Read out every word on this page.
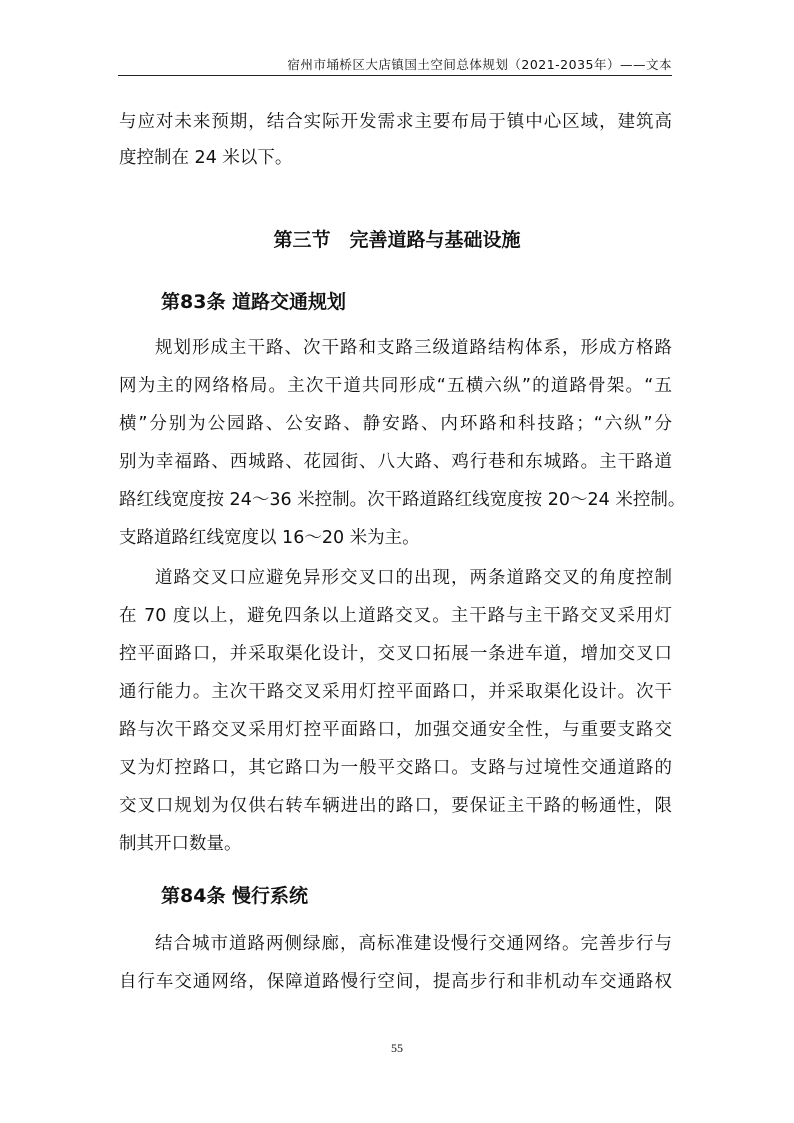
宿州市埇桥区大店镇国土空间总体规划（2021-2035年）——文本
与应对未来预期，结合实际开发需求主要布局于镇中心区域，建筑高
度控制在 24 米以下。
规划形成主干路、次干路和支路三级道路结构体系，形成方格路
网为主的网络格局。主次干道共同形成“五横六纵”的道路骨架。“五
横”分别为公园路、公安路、静安路、内环路和科技路；“六纵”分
别为幸福路、西城路、花园街、八大路、鸡行巷和东城路。主干路道
路红线宽度按 24～36 米控制。次干路道路红线宽度按 20～24 米控制。
支路道路红线宽度以 16～20 米为主。
道路交叉口应避免异形交叉口的出现，两条道路交叉的角度控制
在 70 度以上，避免四条以上道路交叉。主干路与主干路交叉采用灯
控平面路口，并采取渠化设计，交叉口拓展一条进车道，增加交叉口
通行能力。主次干路交叉采用灯控平面路口，并采取渠化设计。次干
路与次干路交叉采用灯控平面路口，加强交通安全性，与重要支路交
叉为灯控路口，其它路口为一般平交路口。支路与过境性交通道路的
交叉口规划为仅供右转车辆进出的路口，要保证主干路的畅通性，限
制其开口数量。
结合城市道路两侧绿廊，高标准建设慢行交通网络。完善步行与
自行车交通网络，保障道路慢行空间，提高步行和非机动车交通路权
第三节　完善道路与基础设施
第83条 道路交通规划
第84条 慢行系统
55
